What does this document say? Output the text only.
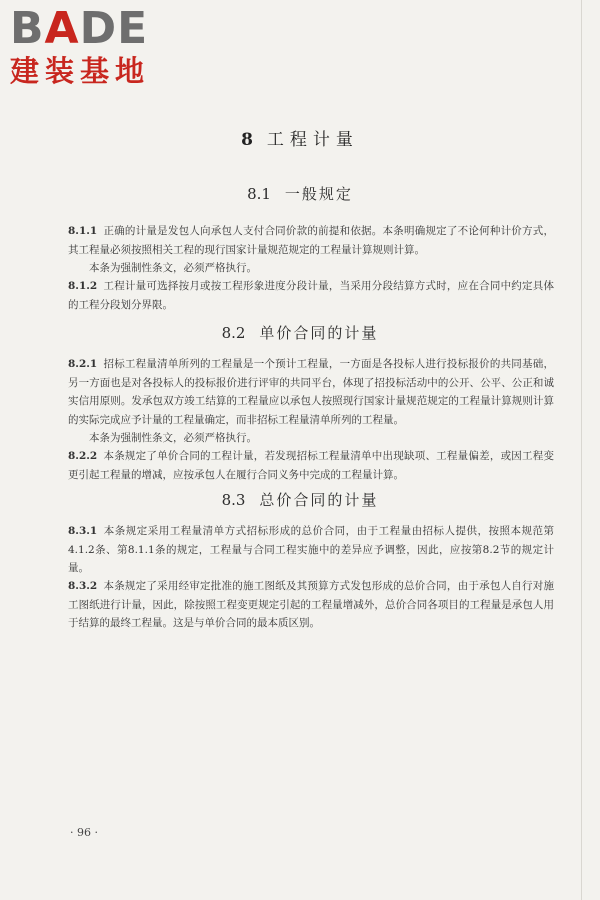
BADE
建装基地
8 工程计量
8.1 一般规定
8.1.1 正确的计量是发包人向承包人支付合同价款的前提和依据。本条明确规定了不论何种计价方式，其工程量必须按照相关工程的现行国家计量规范规定的工程量计算规则计算。
本条为强制性条文，必须严格执行。
8.1.2 工程计量可选择按月或按工程形象进度分段计量，当采用分段结算方式时，应在合同中约定具体的工程分段划分界限。
8.2 单价合同的计量
8.2.1 招标工程量清单所列的工程量是一个预计工程量，一方面是各投标人进行投标报价的共同基础，另一方面也是对各投标人的投标报价进行评审的共同平台，体现了招投标活动中的公开、公平、公正和诚实信用原则。发承包双方竣工结算的工程量应以承包人按照现行国家计量规范规定的工程量计算规则计算的实际完成应予计量的工程量确定，而非招标工程量清单所列的工程量。
本条为强制性条文，必须严格执行。
8.2.2 本条规定了单价合同的工程计量，若发现招标工程量清单中出现缺项、工程量偏差，或因工程变更引起工程量的增减，应按承包人在履行合同义务中完成的工程量计算。
8.3 总价合同的计量
8.3.1 本条规定采用工程量清单方式招标形成的总价合同，由于工程量由招标人提供，按照本规范第4.1.2条、第8.1.1条的规定，工程量与合同工程实施中的差异应予调整，因此，应按第8.2节的规定计量。
8.3.2 本条规定了采用经审定批准的施工图纸及其预算方式发包形成的总价合同，由于承包人自行对施工图纸进行计量，因此，除按照工程变更规定引起的工程量增减外，总价合同各项目的工程量是承包人用于结算的最终工程量。这是与单价合同的最本质区别。
· 96 ·
